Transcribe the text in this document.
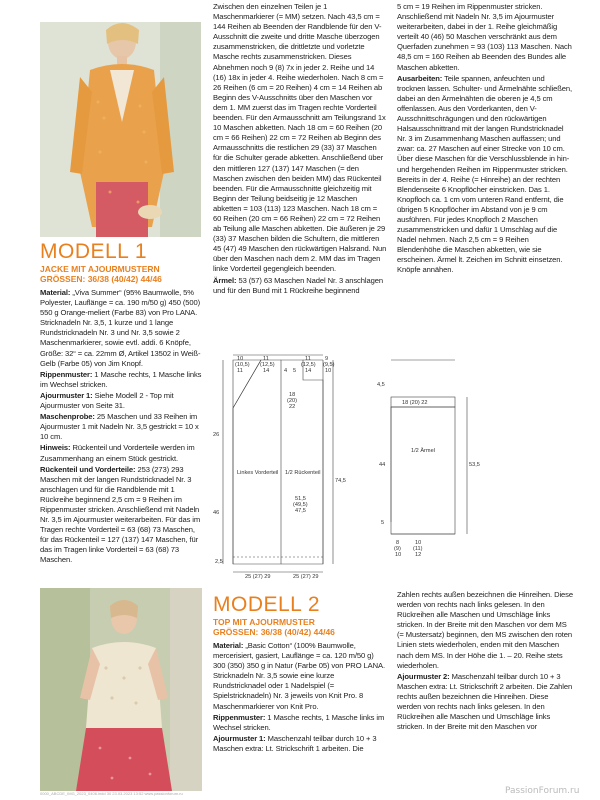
MODELL 1
JACKE MIT AJOURMUSTERN
GRÖSSEN: 36/38 (40/42) 44/46

Material: „Viva Summer“ (95% Baumwolle, 5% Polyester, Lauflänge = ca. 190 m/50 g) 450 (500) 550 g Orange-meliert (Farbe 83) von Pro LANA. Stricknadeln Nr. 3,5, 1 kurze und 1 lange Rundstricknadeln Nr. 3 und Nr. 3,5 sowie 2 Maschenmarkierer, sowie evtl. addi. 6 Knöpfe, Größe: 32“ = ca. 22mm Ø, Artikel 13502 in Weiß-Gelb (Farbe 05) von Jim Knopf.

Rippenmuster: 1 Masche rechts, 1 Masche links im Wechsel stricken.

Ajourmuster 1: Siehe Modell 2 - Top mit Ajourmuster von Seite 31.

Maschenprobe: 25 Maschen und 33 Reihen im Ajourmuster 1 mit Nadeln Nr. 3,5 gestrickt = 10 x 10 cm.

Hinweis: Rückenteil und Vorderteile werden im Zusammenhang an einem Stück gestrickt.

Rückenteil und Vorderteile: 253 (273) 293 Maschen mit der langen Rundstricknadel Nr. 3 anschlagen und für die Randblende mit 1 Rückreihe beginnend 2,5 cm = 9 Reihen im Rippenmuster stricken. Anschließend mit Nadeln Nr. 3,5 im Ajourmuster weiterarbeiten. Für das im Tragen rechte Vorderteil = 63 (68) 73 Maschen, für das Rückenteil = 127 (137) 147 Maschen, für das im Tragen linke Vorderteil = 63 (68) 73 Maschen.

Zwischen den einzelnen Teilen je 1 Maschenmarkierer (= MM) setzen. Nach 43,5 cm = 144 Reihen ab Beenden der Randblende für den V-Ausschnitt die zweite und dritte Masche überzogen zusammenstricken, die drittletzte und vorletzte Masche rechts zusammenstricken. Dieses Abnehmen noch 9 (8) 7x in jeder 2. Reihe und 14 (16) 18x in jeder 4. Reihe wiederholen. Nach 8 cm = 26 Reihen (6 cm = 20 Reihen) 4 cm = 14 Reihen ab Beginn des V-Ausschnitts über den Maschen vor dem 1. MM zuerst das im Tragen rechte Vorderteil beenden. Für den Armausschnitt am Teilungsrand 1x 10 Maschen abketten. Nach 18 cm = 60 Reihen (20 cm = 66 Reihen) 22 cm = 72 Reihen ab Beginn des Armausschnitts die restlichen 29 (33) 37 Maschen für die Schulter gerade abketten. Anschließend über den mittleren 127 (137) 147 Maschen (= den Maschen zwischen den beiden MM) das Rückenteil beenden. Für die Armausschnitte gleichzeitig mit Beginn der Teilung beidseitig je 12 Maschen abketten = 103 (113) 123 Maschen. Nach 18 cm = 60 Reihen (20 cm = 66 Reihen) 22 cm = 72 Reihen ab Teilung alle Maschen abketten. Die äußeren je 29 (33) 37 Maschen bilden die Schultern, die mittleren 45 (47) 49 Maschen den rückwärtigen Halsrand. Nun über den Maschen nach dem 2. MM das im Tragen linke Vorderteil gegengleich beenden.

Ärmel: 53 (57) 63 Maschen Nadel Nr. 3 anschlagen und für den Bund mit 1 Rückreihe beginnend

5 cm = 19 Reihen im Rippenmuster stricken. Anschließend mit Nadeln Nr. 3,5 im Ajourmuster weiterarbeiten, dabei in der 1. Reihe gleichmäßig verteilt 40 (46) 50 Maschen verschränkt aus dem Querfaden zunehmen = 93 (103) 113 Maschen. Nach 48,5 cm = 160 Reihen ab Beenden des Bundes alle Maschen abketten.

Ausarbeiten: Teile spannen, anfeuchten und trocknen lassen. Schulter- und Ärmelnähte schließen, dabei an den Ärmelnähten die oberen je 4,5 cm offenlassen. Aus den Vorderkanten, den V-Ausschnittschrägungen und den rückwärtigen Halsausschnittrand mit der langen Rundstricknadel Nr. 3 im Zusammenhang Maschen auffassen; und zwar: ca. 27 Maschen auf einer Strecke von 10 cm. Über diese Maschen für die Verschlussblende in hin- und hergehenden Reihen im Rippenmuster stricken. Bereits in der 4. Reihe (= Hinreihe) an der rechten Blendenseite 6 Knopflöcher einstricken. Das 1. Knopfloch ca. 1 cm vom unteren Rand entfernt, die übrigen 5 Knopflöcher im Abstand von je 9 cm ausführen. Für jedes Knopfloch 2 Maschen zusammenstricken und dafür 1 Umschlag auf die Nadel nehmen. Nach 2,5 cm = 9 Reihen Blendenhöhe die Maschen abketten, wie sie erscheinen. Ärmel lt. Zeichen im Schnitt einsetzen. Knöpfe annähen.

10
(10,5)
11
11
(12,5)
14	4 5
11
(12,5)
14
9
(9,5)
10
26
46
2,5
18
(20)
22
Linkes Vorderteil 1/2 Rückenteil
51,5
(49,5)
47,5
74,5
25 (27) 29	25 (27) 29
18 (20) 22
4,5
44	53,5
5
1/2 Ärmel
8
(9)
10
10
(11)
12
MODELL 2
TOP MIT AJOURMUSTER
GRÖSSEN: 36/38 (40/42) 44/46

Material: „Basic Cotton“ (100% Baumwolle, mercerisiert, gasiert, Lauflänge = ca. 120 m/50 g) 300 (350) 350 g in Natur (Farbe 05) von PRO LANA. Stricknadeln Nr. 3,5 sowie eine kurze Rundstricknadel oder 1 Nadelspiel (= Spielstricknadeln) Nr. 3 jeweils von Knit Pro. 8 Maschenmarkierer von Knit Pro.

Rippenmuster: 1 Masche rechts, 1 Masche links im Wechsel stricken.

Ajourmuster 1: Maschenzahl teilbar durch 10 + 3 Maschen extra: Lt. Strickschrift 1 arbeiten. Die

Zahlen rechts außen bezeichnen die Hinreihen. Diese werden von rechts nach links gelesen. In den Rückreihen alle Maschen und Umschläge links stricken. In der Breite mit den Maschen vor dem MS (= Mustersatz) beginnen, den MS zwischen den roten Linien stets wiederholen, enden mit den Maschen nach dem MS. In der Höhe die 1. – 20. Reihe stets wiederholen.

Ajourmuster 2: Maschenzahl teilbar durch 10 + 3 Maschen extra: Lt. Strickschrift 2 arbeiten. Die Zahlen rechts außen bezeichnen die Hinreihen. Diese werden von rechts nach links gelesen. In den Rückreihen alle Maschen und Umschläge links stricken. In der Breite mit den Maschen vor

0000_ABCDE_IMG_2023_0406.indd 30 23.03.2023 13:52 www.passionforum.ru	PassionForum.ru
